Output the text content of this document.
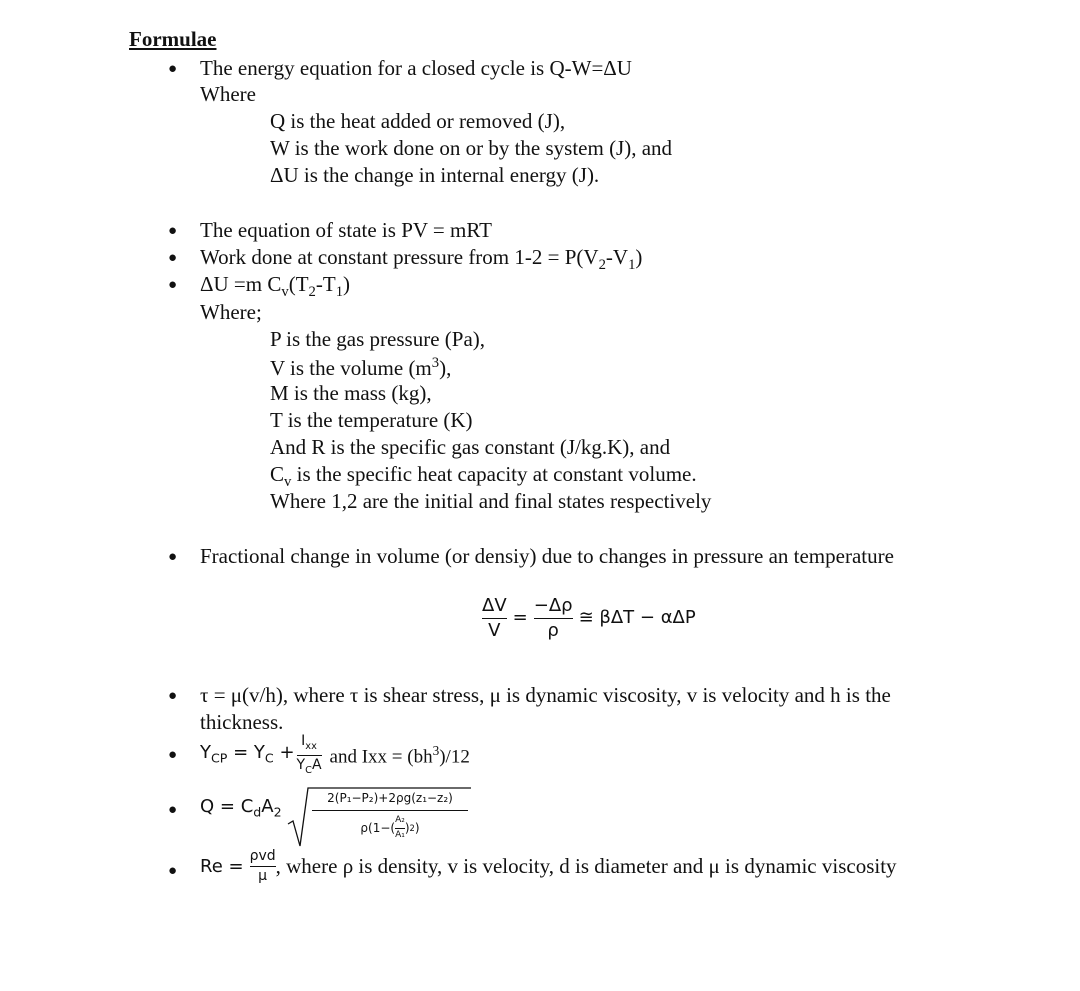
Formulae
● The energy equation for a closed cycle is Q-W=ΔU
Where
Q is the heat added or removed (J),
W is the work done on or by the system (J), and
ΔU is the change in internal energy (J).
● The equation of state is PV = mRT
● Work done at constant pressure from $1-2 = P(V_2-V_1)$
● ΔU =m $C_v(T_2-T_1)$
Where;
P is the gas pressure (Pa),
V is the volume $(m^3)$,
M is the mass (kg),
T is the temperature (K)
And R is the specific gas constant (J/kg.K), and
$C_v$ is the specific heat capacity at constant volume.
Where 1,2 are the initial and final states respectively
● Fractional change in volume (or densiy) due to changes in pressure an temperature
$\frac{\Delta V}{V} = \frac{-\Delta\rho}{\rho}$ ≅ βΔT − αΔP
● τ = μ(v/h), where τ is shear stress, μ is dynamic viscosity, v is velocity and h is the
thickness.
● $Y_{CP} = Y_C + \frac{I_{xx}}{Y_CA}$ and Ixx = $(bh^3)/12$
● $Q = C_dA_2$
2(P₁−P₂)+2ρg(z₁−z₂)
$\rho(1-( \frac{\text{A₂}}{\text{A₁}}$ ) 2 )
● $Re = \frac{\text{ρvd}}{\mu}$ , where ρ is density, v is velocity, d is diameter and μ is dynamic viscosity
